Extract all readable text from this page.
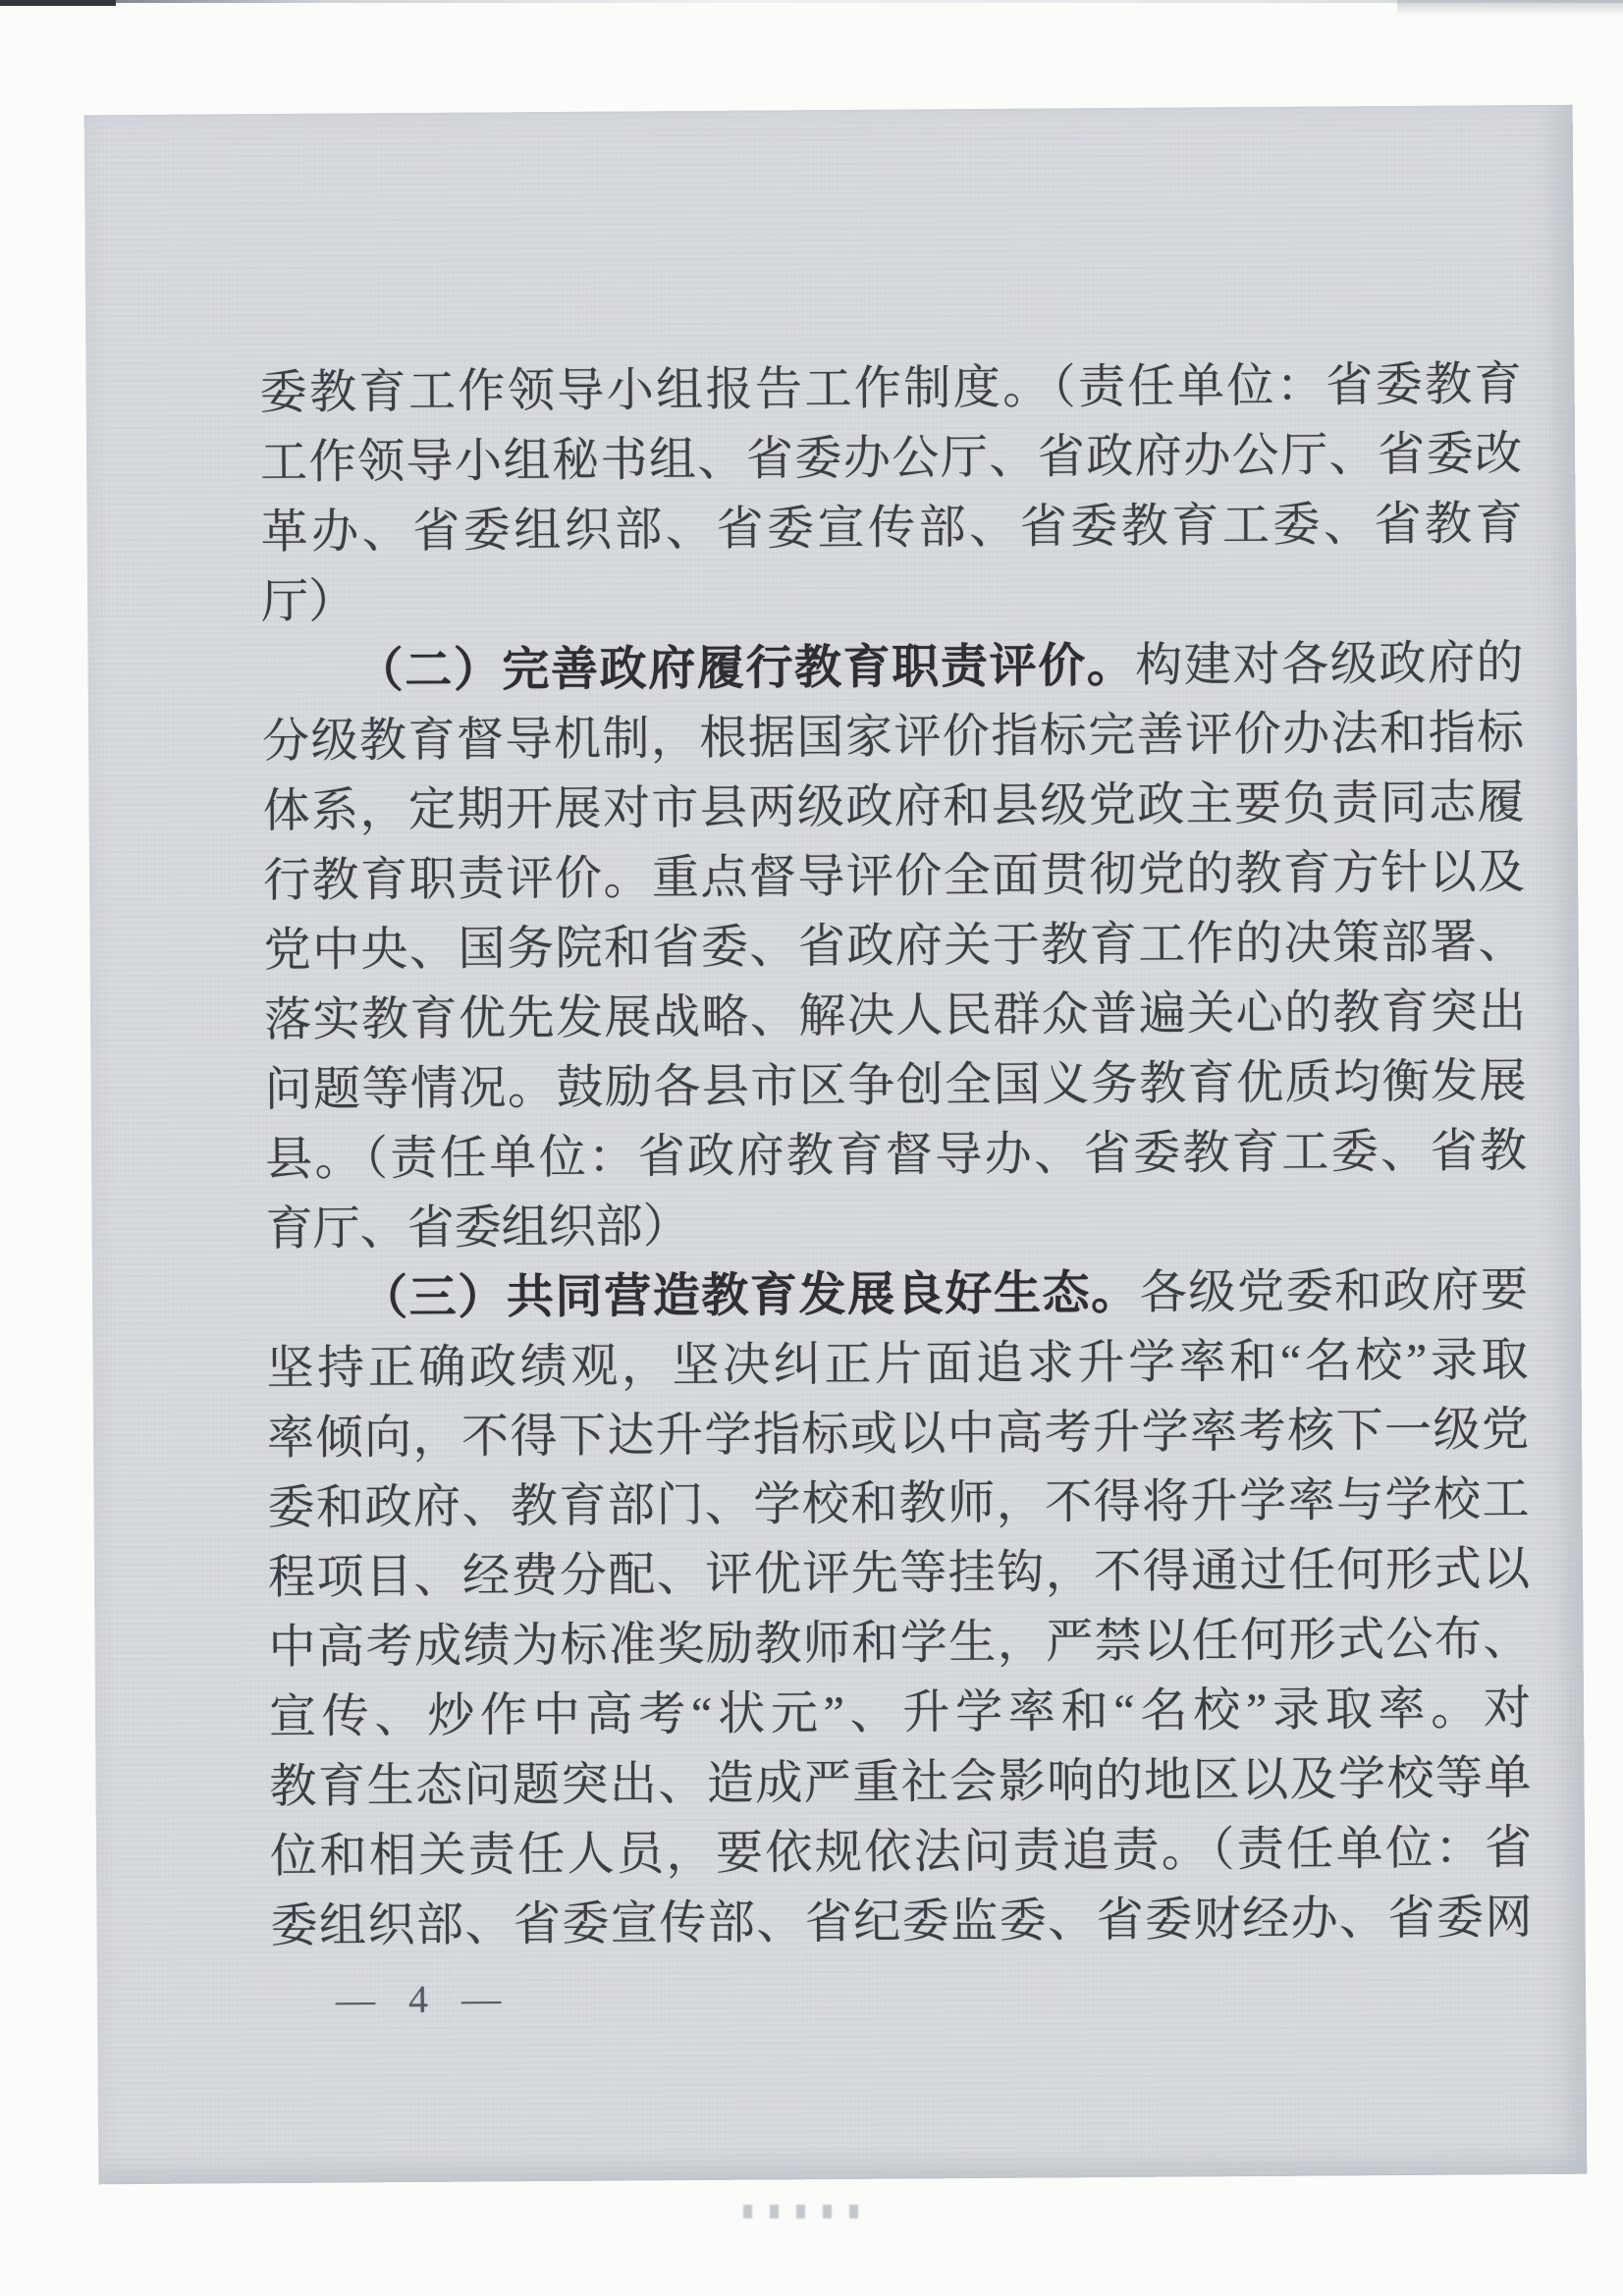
委教育工作领导小组报告工作制度。（责任单位：省委教育
工作领导小组秘书组、省委办公厅、省政府办公厅、省委改
革办、省委组织部、省委宣传部、省委教育工委、省教育
厅）
（二）完善政府履行教育职责评价。构建对各级政府的
分级教育督导机制，根据国家评价指标完善评价办法和指标
体系，定期开展对市县两级政府和县级党政主要负责同志履
行教育职责评价。重点督导评价全面贯彻党的教育方针以及
党中央、国务院和省委、省政府关于教育工作的决策部署、
落实教育优先发展战略、解决人民群众普遍关心的教育突出
问题等情况。鼓励各县市区争创全国义务教育优质均衡发展
县。（责任单位：省政府教育督导办、省委教育工委、省教
育厅、省委组织部）
（三）共同营造教育发展良好生态。各级党委和政府要
坚持正确政绩观，坚决纠正片面追求升学率和“名校”录取
率倾向，不得下达升学指标或以中高考升学率考核下一级党
委和政府、教育部门、学校和教师，不得将升学率与学校工
程项目、经费分配、评优评先等挂钩，不得通过任何形式以
中高考成绩为标准奖励教师和学生，严禁以任何形式公布、
宣传、炒作中高考“状元”、升学率和“名校”录取率。对
教育生态问题突出、造成严重社会影响的地区以及学校等单
位和相关责任人员，要依规依法问责追责。（责任单位：省
委组织部、省委宣传部、省纪委监委、省委财经办、省委网
— 4 —
